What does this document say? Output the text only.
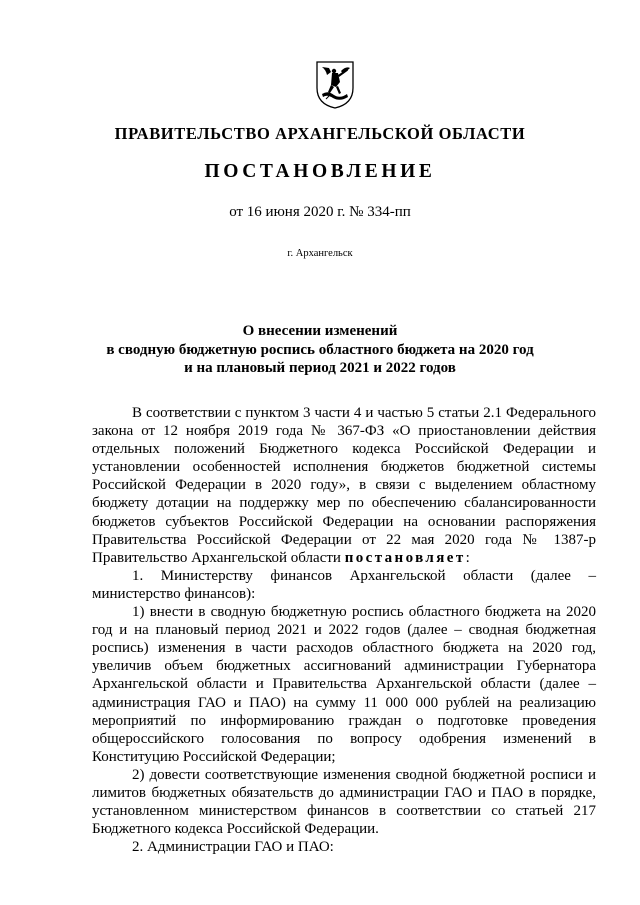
ПРАВИТЕЛЬСТВО АРХАНГЕЛЬСКОЙ ОБЛАСТИ
ПОСТАНОВЛЕНИЕ
от 16 июня 2020 г. № 334-пп
г. Архангельск
О внесении изменений
в сводную бюджетную роспись областного бюджета на 2020 год
и на плановый период 2021 и 2022 годов

В соответствии с пунктом 3 части 4 и частью 5 статьи 2.1 Федерального закона от 12 ноября 2019 года № 367-ФЗ «О приостановлении действия отдельных положений Бюджетного кодекса Российской Федерации и установлении особенностей исполнения бюджетов бюджетной системы Российской Федерации в 2020 году», в связи с выделением областному бюджету дотации на поддержку мер по обеспечению сбалансированности бюджетов субъектов Российской Федерации на основании распоряжения Правительства Российской Федерации от 22 мая 2020 года № 1387-р Правительство Архангельской области постановляет:

1. Министерству финансов Архангельской области (далее – министерство финансов):

1) внести в сводную бюджетную роспись областного бюджета на 2020 год и на плановый период 2021 и 2022 годов (далее – сводная бюджетная роспись) изменения в части расходов областного бюджета на 2020 год, увеличив объем бюджетных ассигнований администрации Губернатора Архангельской области и Правительства Архангельской области (далее – администрация ГАО и ПАО) на сумму 11 000 000 рублей на реализацию мероприятий по информированию граждан о подготовке проведения общероссийского голосования по вопросу одобрения изменений в Конституцию Российской Федерации;

2) довести соответствующие изменения сводной бюджетной росписи и лимитов бюджетных обязательств до администрации ГАО и ПАО в порядке, установленном министерством финансов в соответствии со статьей 217 Бюджетного кодекса Российской Федерации.

2. Администрации ГАО и ПАО:
